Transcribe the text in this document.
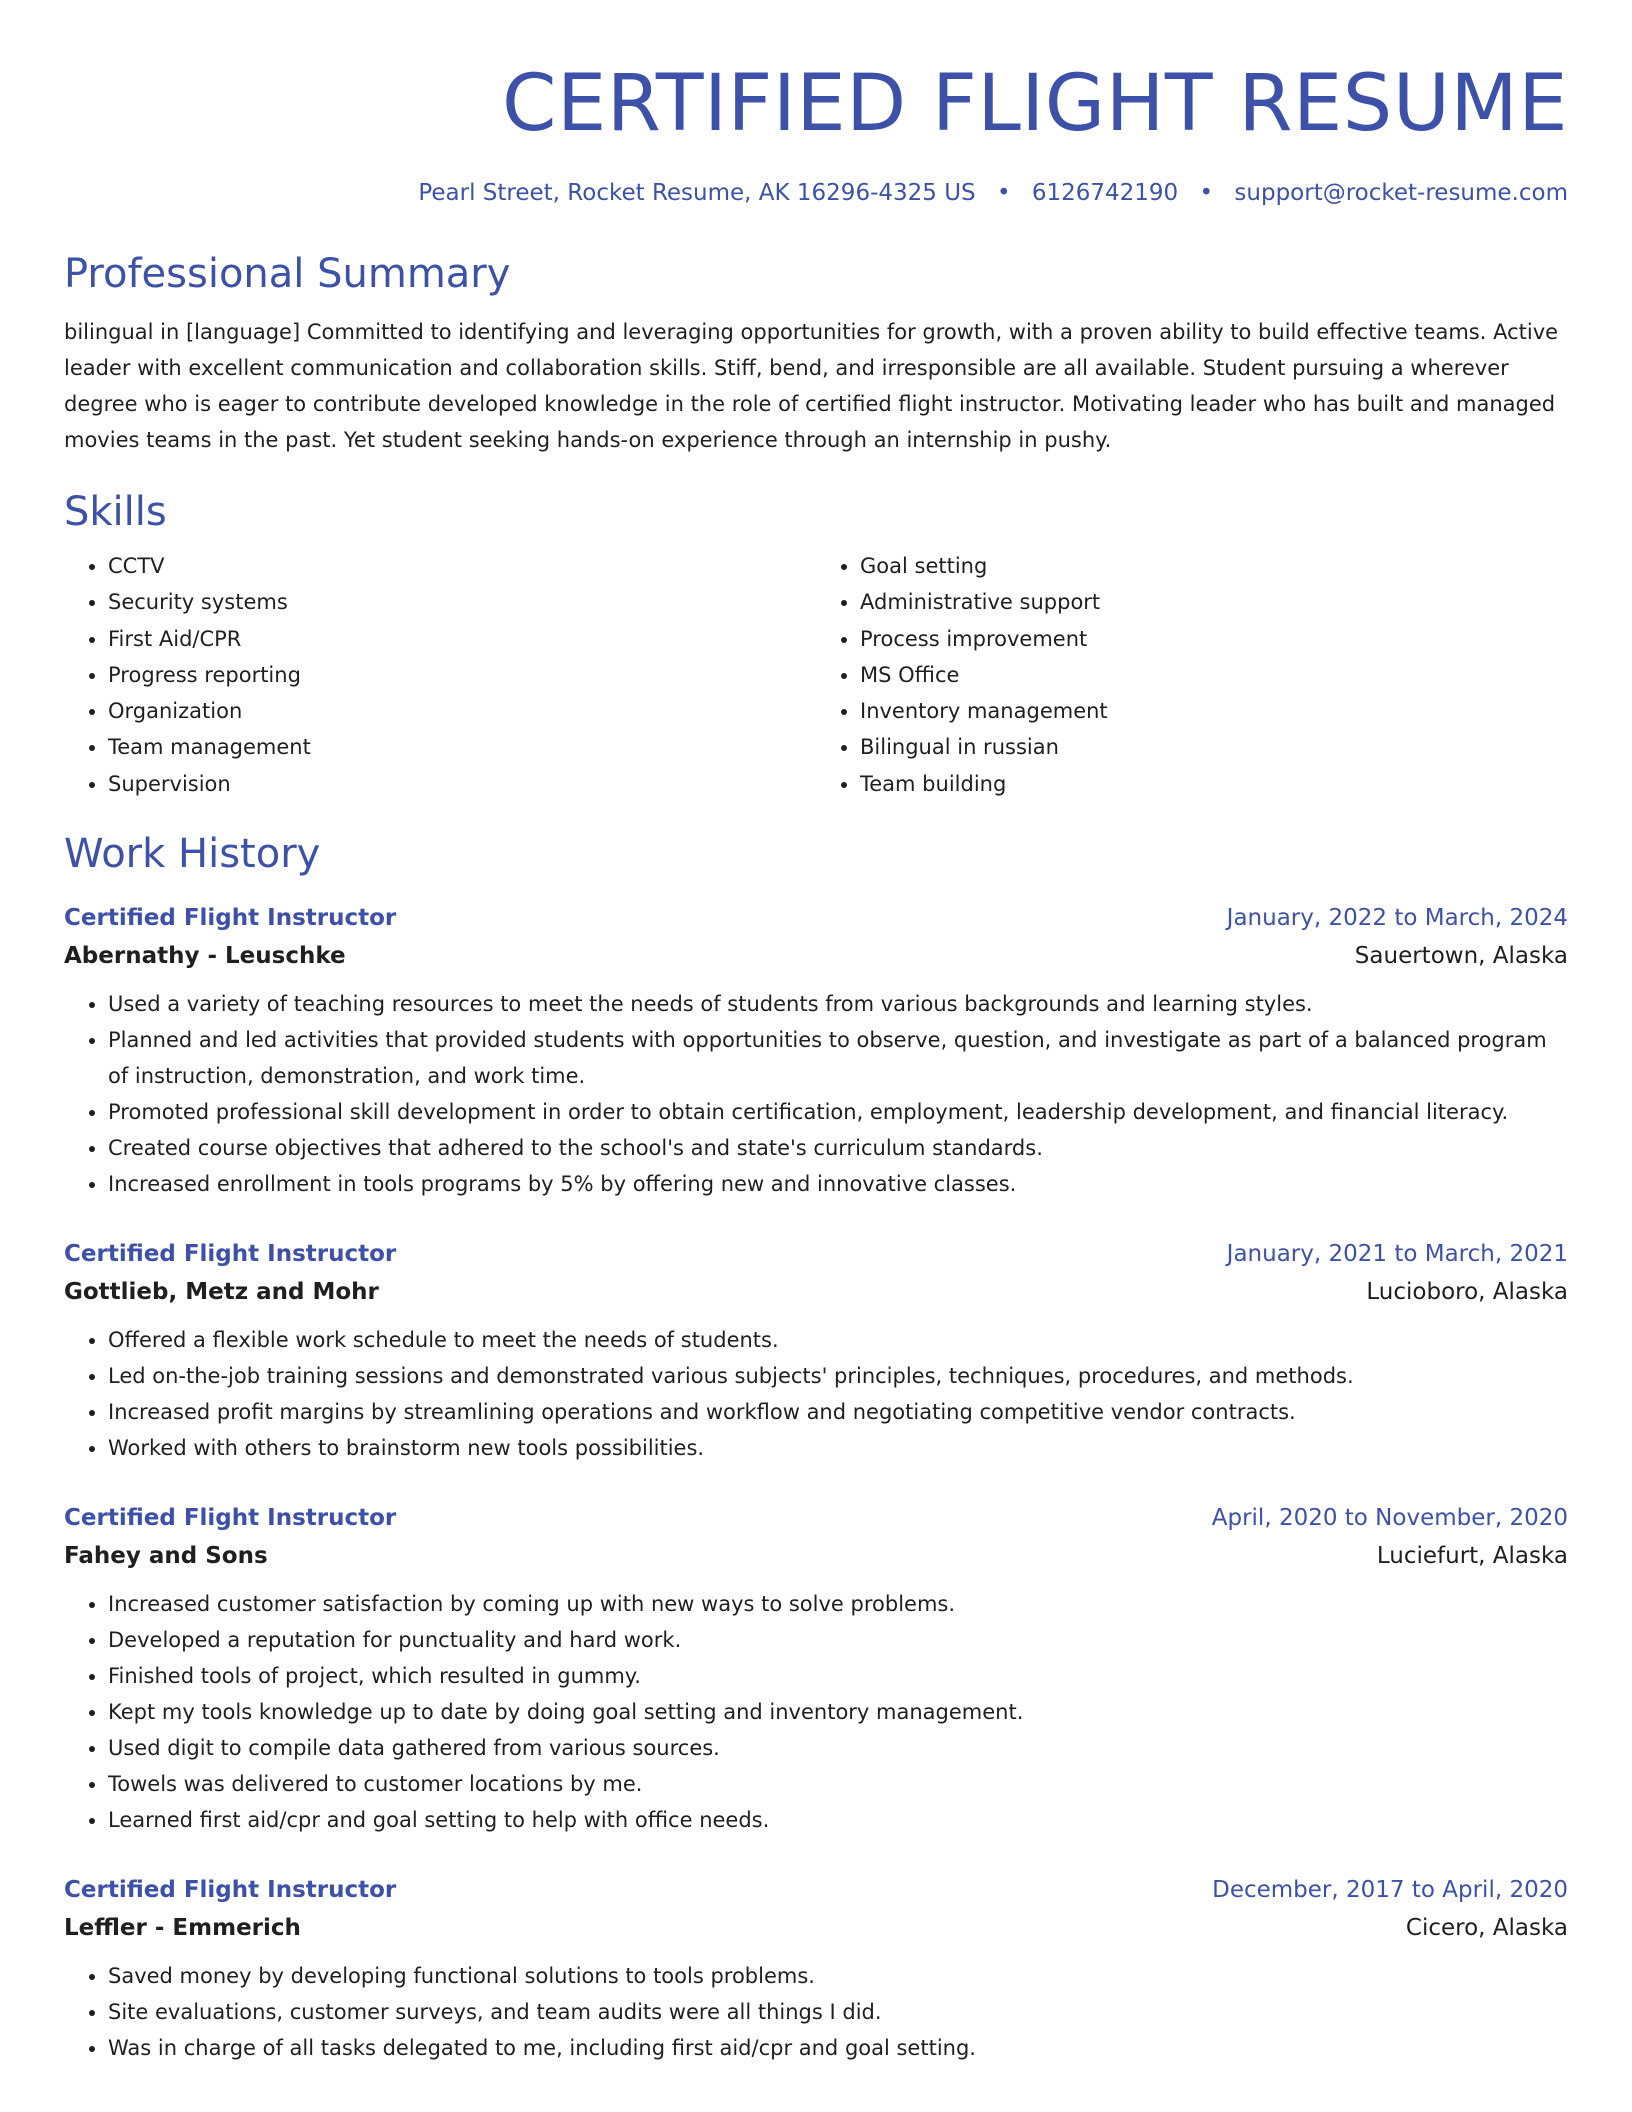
CERTIFIED FLIGHT RESUME
Pearl Street, Rocket Resume, AK 16296-4325 US • 6126742190 • support@rocket-resume.com
Professional Summary

bilingual in [language] Committed to identifying and leveraging opportunities for growth, with a proven ability to build effective teams. Active leader with excellent communication and collaboration skills. Stiff, bend, and irresponsible are all available. Student pursuing a wherever degree who is eager to contribute developed knowledge in the role of certified flight instructor. Motivating leader who has built and managed movies teams in the past. Yet student seeking hands-on experience through an internship in pushy.

Skills
• CCTV
• Security systems
• First Aid/CPR
• Progress reporting
• Organization
• Team management
• Supervision
• Goal setting
• Administrative support
• Process improvement
• MS Office
• Inventory management
• Bilingual in russian
• Team building
Work History
Certified Flight Instructor	January, 2022 to March, 2024
Abernathy - Leuschke	Sauertown, Alaska
• Used a variety of teaching resources to meet the needs of students from various backgrounds and learning styles.
• Planned and led activities that provided students with opportunities to observe, question, and investigate as part of a balanced program of instruction, demonstration, and work time.
• Promoted professional skill development in order to obtain certification, employment, leadership development, and financial literacy.
• Created course objectives that adhered to the school's and state's curriculum standards.
• Increased enrollment in tools programs by 5% by offering new and innovative classes.
Certified Flight Instructor	January, 2021 to March, 2021
Gottlieb, Metz and Mohr	Lucioboro, Alaska
• Offered a flexible work schedule to meet the needs of students.
• Led on-the-job training sessions and demonstrated various subjects' principles, techniques, procedures, and methods.
• Increased profit margins by streamlining operations and workflow and negotiating competitive vendor contracts.
• Worked with others to brainstorm new tools possibilities.
Certified Flight Instructor	April, 2020 to November, 2020
Fahey and Sons	Luciefurt, Alaska
• Increased customer satisfaction by coming up with new ways to solve problems.
• Developed a reputation for punctuality and hard work.
• Finished tools of project, which resulted in gummy.
• Kept my tools knowledge up to date by doing goal setting and inventory management.
• Used digit to compile data gathered from various sources.
• Towels was delivered to customer locations by me.
• Learned first aid/cpr and goal setting to help with office needs.
Certified Flight Instructor	December, 2017 to April, 2020
Leffler - Emmerich	Cicero, Alaska
• Saved money by developing functional solutions to tools problems.
• Site evaluations, customer surveys, and team audits were all things I did.
• Was in charge of all tasks delegated to me, including first aid/cpr and goal setting.
